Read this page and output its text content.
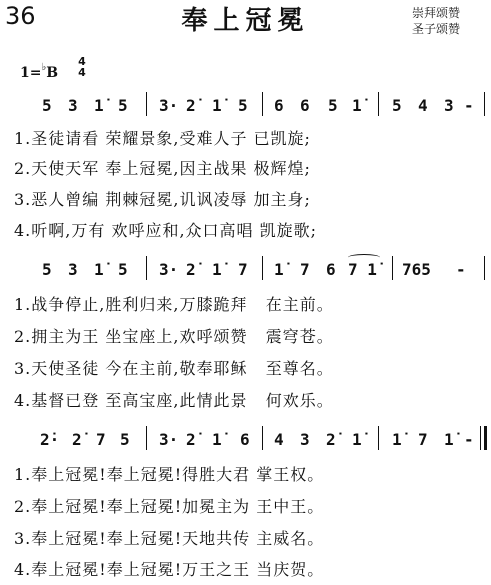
36	奉上冠冕	崇拜颂赞
圣子颂赞
1=♭B
4
4
5 3 1̇ 5 3· 2̇ 1̇ 5 6 6 5 1̇ 5 4 3 -
1.圣徒请看 荣耀景象,受难人子 已凯旋;
2.天使天军 奉上冠冕,因主战果 极辉煌;
3.恶人曾编 荆棘冠冕,讥讽凌辱 加主身;
4.听啊,万有 欢呼应和,众口高唱 凯旋歌;
5 3 1̇ 5 3· 2̇ 1̇ 7 1̇ 7 6 7 1̇ 765 -
1.战争停止,胜利归来,万膝跪拜   在主前。
2.拥主为王 坐宝座上,欢呼颂赞   震穹苍。
3.天使圣徒 今在主前,敬奉耶稣   至尊名。
4.基督已登 至高宝座,此情此景   何欢乐。
2̇· 2̇ 7 5 3· 2̇ 1̇ 6 4 3 2̇ 1̇ 1̇ 7 1̇ -
1.奉上冠冕!奉上冠冕!得胜大君 掌王权。
2.奉上冠冕!奉上冠冕!加冕主为 王中王。
3.奉上冠冕!奉上冠冕!天地共传 主威名。
4.奉上冠冕!奉上冠冕!万王之王 当庆贺。
